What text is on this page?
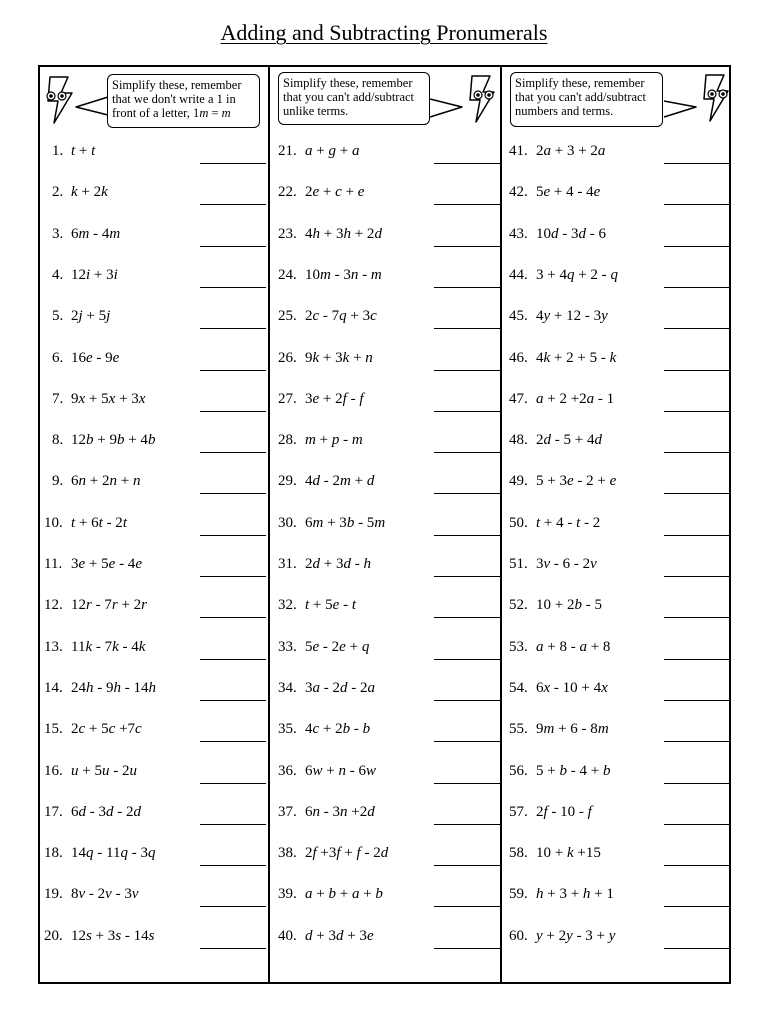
Adding and Subtracting Pronumerals
Simplify these, remember that we don't write a 1 in front of a letter, 1m = m
1. t + t
2. k + 2k
3. 6m - 4m
4. 12i + 3i
5. 2j + 5j
6. 16e - 9e
7. 9x + 5x + 3x
8. 12b + 9b + 4b
9. 6n + 2n + n
10. t + 6t - 2t
11. 3e + 5e - 4e
12. 12r - 7r + 2r
13. 11k - 7k - 4k
14. 24h - 9h - 14h
15. 2c + 5c +7c
16. u + 5u - 2u
17. 6d - 3d - 2d
18. 14q - 11q - 3q
19. 8v - 2v - 3v
20. 12s + 3s - 14s
Simplify these, remember that you can't add/subtract unlike terms.
21. a + g + a
22. 2e + c + e
23. 4h + 3h + 2d
24. 10m - 3n - m
25. 2c - 7q + 3c
26. 9k + 3k + n
27. 3e + 2f - f
28. m + p - m
29. 4d - 2m + d
30. 6m + 3b - 5m
31. 2d + 3d - h
32. t + 5e - t
33. 5e - 2e + q
34. 3a - 2d - 2a
35. 4c + 2b - b
36. 6w + n - 6w
37. 6n - 3n +2d
38. 2f +3f + f - 2d
39. a + b + a + b
40. d + 3d + 3e
Simplify these, remember that you can't add/subtract numbers and terms.
41. 2a + 3 + 2a
42. 5e + 4 - 4e
43. 10d - 3d - 6
44. 3 + 4q + 2 - q
45. 4y + 12 - 3y
46. 4k + 2 + 5 - k
47. a + 2 +2a - 1
48. 2d - 5 + 4d
49. 5 + 3e - 2 + e
50. t + 4 - t - 2
51. 3v - 6 - 2v
52. 10 + 2b - 5
53. a + 8 - a + 8
54. 6x - 10 + 4x
55. 9m + 6 - 8m
56. 5 + b - 4 + b
57. 2f - 10 - f
58. 10 + k +15
59. h + 3 + h + 1
60. y + 2y - 3 + y
